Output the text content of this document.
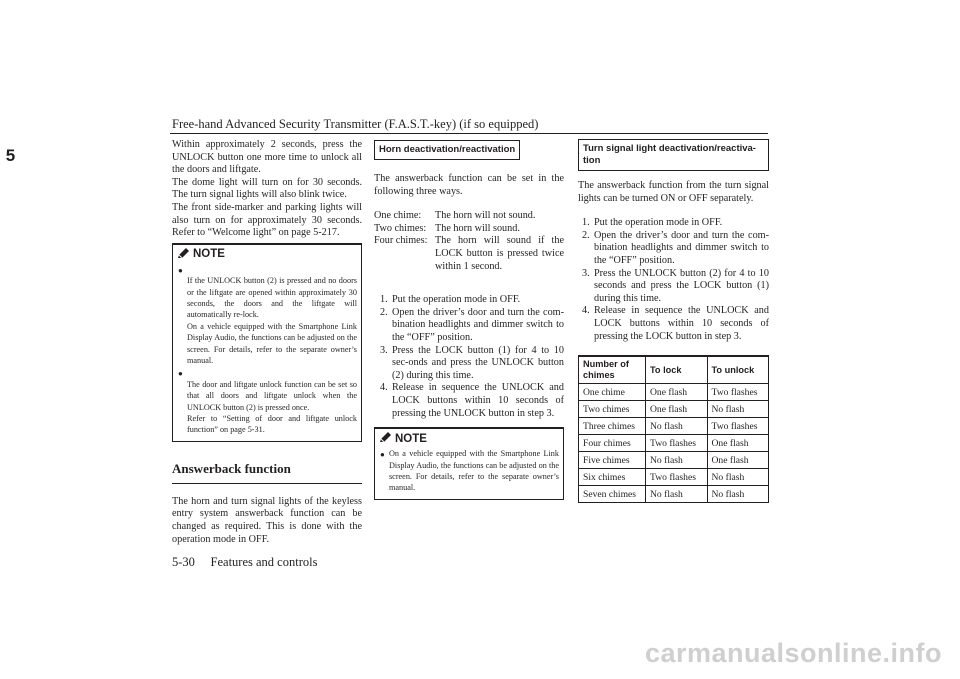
Free-hand Advanced Security Transmitter (F.A.S.T.-key) (if so equipped)
5
Within approximately 2 seconds, press the UNLOCK button one more time to unlock all the doors and liftgate.
The dome light will turn on for 30 seconds. The turn signal lights will also blink twice.
The front side-marker and parking lights will also turn on for approximately 30 seconds. Refer to “Welcome light” on page 5-217.
NOTE

●
If the UNLOCK button (2) is pressed and no doors or the liftgate are opened within approximately 30 seconds, the doors and the liftgate will automatically re-lock.
On a vehicle equipped with the Smartphone Link Display Audio, the functions can be adjusted on the screen. For details, refer to the separate owner’s manual.

●
The door and liftgate unlock function can be set so that all doors and liftgate unlock when the UNLOCK button (2) is pressed once.
Refer to “Setting of door and liftgate unlock function” on page 5-31.

Answerback function
The horn and turn signal lights of the keyless entry system answerback function can be changed as required. This is done with the operation mode in OFF.
Horn deactivation/reactivation
The answerback function can be set in the following three ways.
One chime:	The horn will not sound.
Two chimes: The horn will sound.
Four chimes: The horn will sound if the LOCK button is pressed twice within 1 second.
1. Put the operation mode in OFF.
2. Open the driver’s door and turn the com-bination headlights and dimmer switch to the “OFF” position.
3. Press the LOCK button (1) for 4 to 10 sec-onds and press the UNLOCK button (2) during this time.
4. Release in sequence the UNLOCK and LOCK buttons within 10 seconds of pressing the UNLOCK button in step 3.
NOTE
● On a vehicle equipped with the Smartphone Link Display Audio, the functions can be adjusted on the screen. For details, refer to the separate owner’s manual.
Turn signal light deactivation/reactiva-tion
The answerback function from the turn signal lights can be turned ON or OFF separately.
1. Put the operation mode in OFF.
2. Open the driver’s door and turn the com-bination headlights and dimmer switch to the “OFF” position.
3. Press the UNLOCK button (2) for 4 to 10 seconds and press the LOCK button (1) during this time.
4. Release in sequence the UNLOCK and LOCK buttons within 10 seconds of pressing the LOCK button in step 3.
Number of chimes	To lock	To unlock
One chime	One flash	Two flashes
Two chimes	One flash	No flash
Three chimes	No flash	Two flashes
Four chimes	Two flashes	One flash
Five chimes	No flash	One flash
Six chimes	Two flashes	No flash
Seven chimes	No flash	No flash
5-30     Features and controls
carmanualsonline.info
